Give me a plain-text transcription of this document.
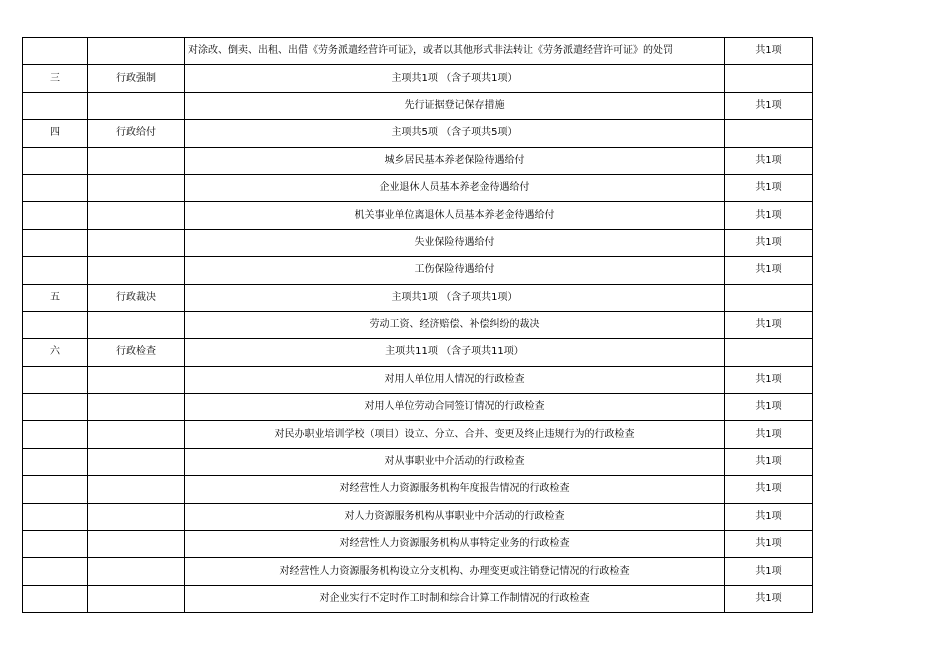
		对涂改、倒卖、出租、出借《劳务派遣经营许可证》，或者以其他形式非法转让《劳务派遣经营许可证》的处罚	共1项
三	行政强制	主项共1项 （含子项共1项）	
		先行证据登记保存措施	共1项
四	行政给付	主项共5项 （含子项共5项）	
		城乡居民基本养老保险待遇给付	共1项
		企业退休人员基本养老金待遇给付	共1项
		机关事业单位离退休人员基本养老金待遇给付	共1项
		失业保险待遇给付	共1项
		工伤保险待遇给付	共1项
五	行政裁决	主项共1项 （含子项共1项）	
		劳动工资、经济赔偿、补偿纠纷的裁决	共1项
六	行政检查	主项共11项 （含子项共11项）	
		对用人单位用人情况的行政检查	共1项
		对用人单位劳动合同签订情况的行政检查	共1项
		对民办职业培训学校（项目）设立、分立、合并、变更及终止违规行为的行政检查	共1项
		对从事职业中介活动的行政检查	共1项
		对经营性人力资源服务机构年度报告情况的行政检查	共1项
		对人力资源服务机构从事职业中介活动的行政检查	共1项
		对经营性人力资源服务机构从事特定业务的行政检查	共1项
		对经营性人力资源服务机构设立分支机构、办理变更或注销登记情况的行政检查	共1项
		对企业实行不定时作工时制和综合计算工作制情况的行政检查	共1项
